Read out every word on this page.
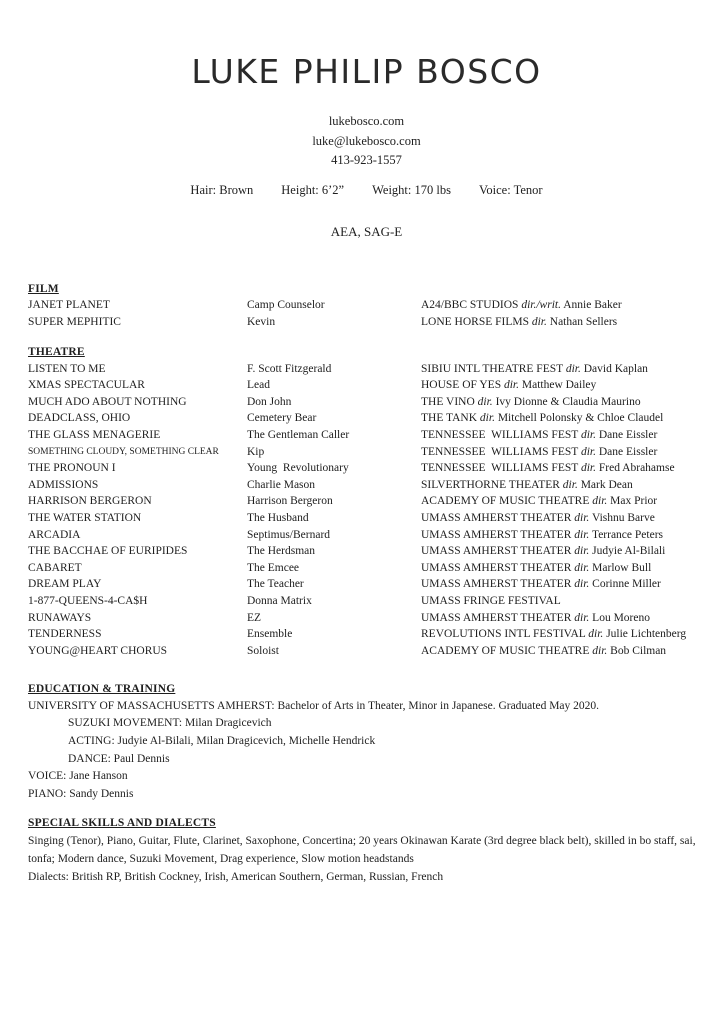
LUKE PHILIP BOSCO
lukebosco.com
luke@lukebosco.com
413-923-1557
Hair: Brown Height: 6’2” Weight: 170 lbs Voice: Tenor
AEA, SAG-E
FILM
JANET PLANET	Camp Counselor	A24/BBC STUDIOS dir./writ. Annie Baker
SUPER MEPHITIC	Kevin	LONE HORSE FILMS dir. Nathan Sellers
THEATRE
LISTEN TO ME	F. Scott Fitzgerald	SIBIU INTL THEATRE FEST dir. David Kaplan
XMAS SPECTACULAR	Lead	HOUSE OF YES dir. Matthew Dailey
MUCH ADO ABOUT NOTHING	Don John	THE VINO dir. Ivy Dionne & Claudia Maurino
DEADCLASS, OHIO	Cemetery Bear	THE TANK dir. Mitchell Polonsky & Chloe Claudel
THE GLASS MENAGERIE	The Gentleman Caller	TENNESSEE  WILLIAMS FEST dir. Dane Eissler
SOMETHING CLOUDY, SOMETHING CLEAR	Kip	TENNESSEE  WILLIAMS FEST dir. Dane Eissler
THE PRONOUN I	Young  Revolutionary	TENNESSEE  WILLIAMS FEST dir. Fred Abrahamse
ADMISSIONS	Charlie Mason	SILVERTHORNE THEATER dir. Mark Dean
HARRISON BERGERON	Harrison Bergeron	ACADEMY OF MUSIC THEATRE dir. Max Prior
THE WATER STATION	The Husband	UMASS AMHERST THEATER dir. Vishnu Barve
ARCADIA	Septimus/Bernard	UMASS AMHERST THEATER dir. Terrance Peters
THE BACCHAE OF EURIPIDES	The Herdsman	UMASS AMHERST THEATER dir. Judyie Al-Bilali
CABARET	The Emcee	UMASS AMHERST THEATER dir. Marlow Bull
DREAM PLAY	The Teacher	UMASS AMHERST THEATER dir. Corinne Miller
1-877-QUEENS-4-CA$H	Donna Matrix	UMASS FRINGE FESTIVAL
RUNAWAYS	EZ	UMASS AMHERST THEATER dir. Lou Moreno
TENDERNESS	Ensemble	REVOLUTIONS INTL FESTIVAL dir. Julie Lichtenberg
YOUNG@HEART CHORUS	Soloist	ACADEMY OF MUSIC THEATRE dir. Bob Cilman
EDUCATION & TRAINING
UNIVERSITY OF MASSACHUSETTS AMHERST: Bachelor of Arts in Theater, Minor in Japanese. Graduated May 2020.
SUZUKI MOVEMENT: Milan Dragicevich
ACTING: Judyie Al-Bilali, Milan Dragicevich, Michelle Hendrick
DANCE: Paul Dennis
VOICE: Jane Hanson
PIANO: Sandy Dennis
SPECIAL SKILLS AND DIALECTS

Singing (Tenor), Piano, Guitar, Flute, Clarinet, Saxophone, Concertina; 20 years Okinawan Karate (3rd degree black belt), skilled in bo staff, sai, tonfa; Modern dance, Suzuki Movement, Drag experience, Slow motion headstands

Dialects: British RP, British Cockney, Irish, American Southern, German, Russian, French
